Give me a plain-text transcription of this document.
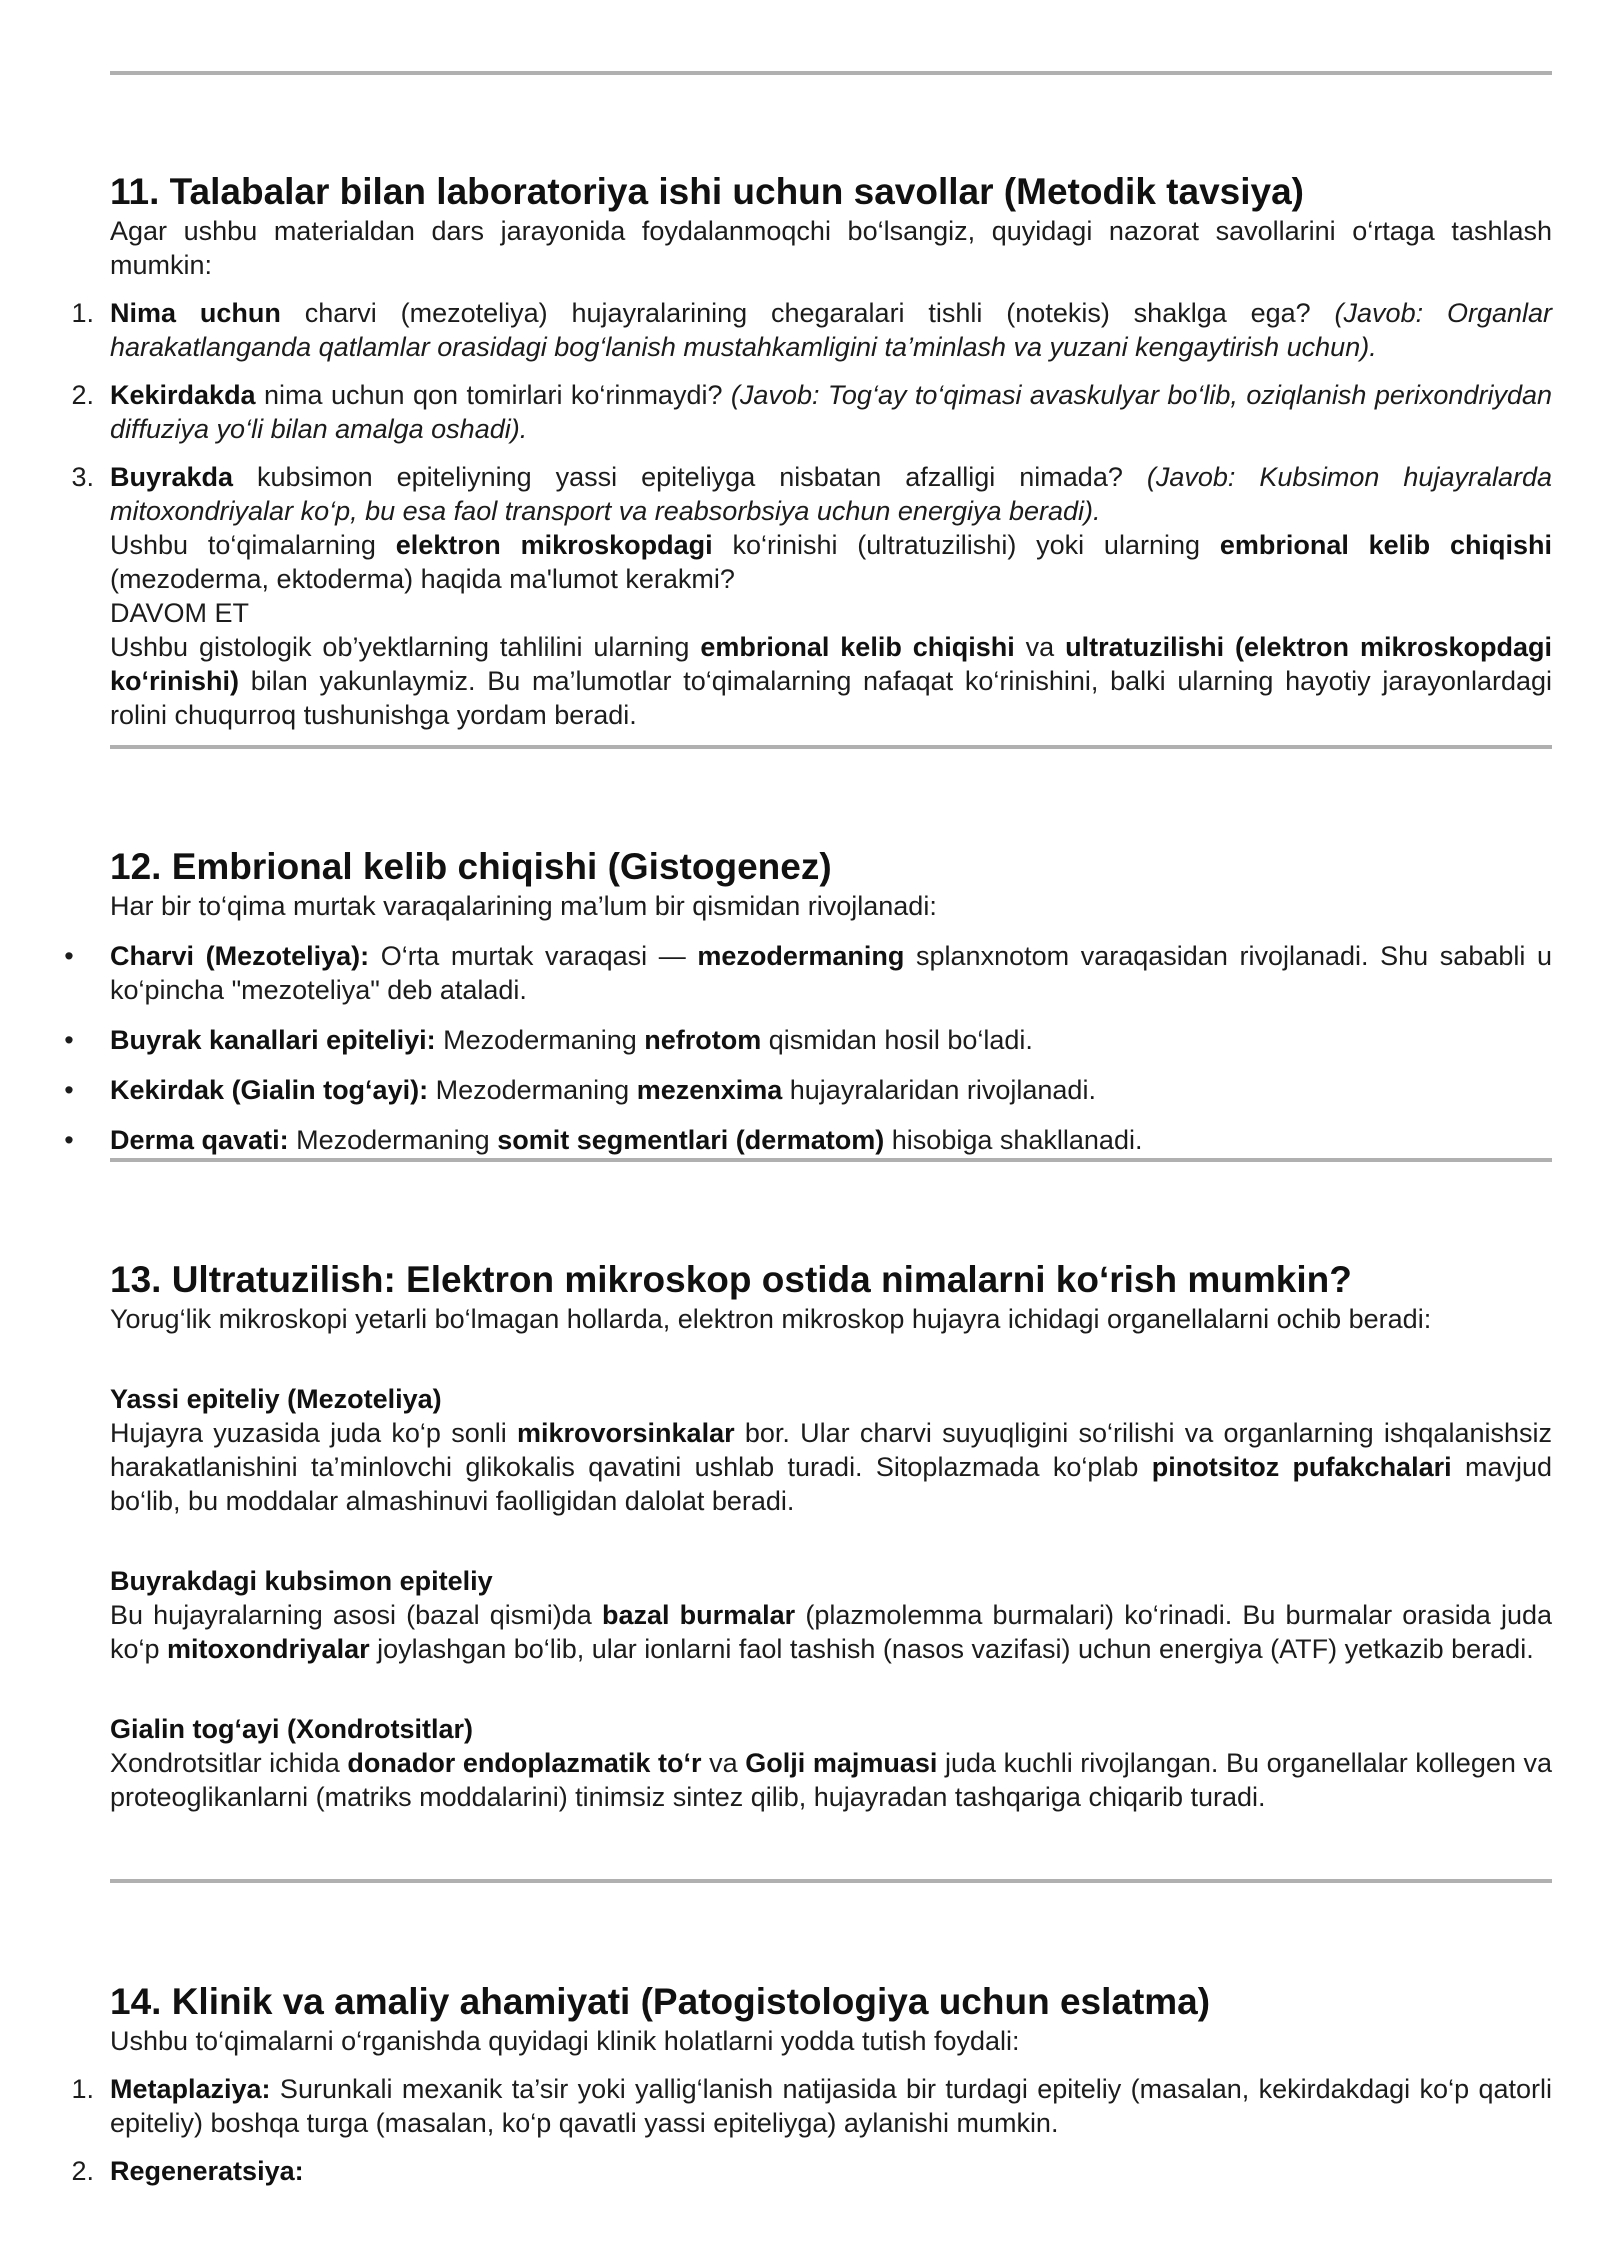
11. Talabalar bilan laboratoriya ishi uchun savollar (Metodik tavsiya)

Agar ushbu materialdan dars jarayonida foydalanmoqchi bo‘lsangiz, quyidagi nazorat savollarini o‘rtaga tashlash mumkin:

1. Nima uchun charvi (mezoteliya) hujayralarining chegaralari tishli (notekis) shaklga ega? (Javob: Organlar harakatlanganda qatlamlar orasidagi bog‘lanish mustahkamligini ta’minlash va yuzani kengaytirish uchun).
2. Kekirdakda nima uchun qon tomirlari ko‘rinmaydi? (Javob: Tog‘ay to‘qimasi avaskulyar bo‘lib, oziqlanish perixondriydan diffuziya yo‘li bilan amalga oshadi).
3. Buyrakda kubsimon epiteliyning yassi epiteliyga nisbatan afzalligi nimada? (Javob: Kubsimon hujayralarda mitoxondriyalar ko‘p, bu esa faol transport va reabsorbsiya uchun energiya beradi).

Ushbu to‘qimalarning elektron mikroskopdagi ko‘rinishi (ultratuzilishi) yoki ularning embrional kelib chiqishi (mezoderma, ektoderma) haqida ma'lumot kerakmi?

DAVOM ET

Ushbu gistologik ob’yektlarning tahlilini ularning embrional kelib chiqishi va ultratuzilishi (elektron mikroskopdagi ko‘rinishi) bilan yakunlaymiz. Bu ma’lumotlar to‘qimalarning nafaqat ko‘rinishini, balki ularning hayotiy jarayonlardagi rolini chuqurroq tushunishga yordam beradi.

12. Embrional kelib chiqishi (Gistogenez)

Har bir to‘qima murtak varaqalarining ma’lum bir qismidan rivojlanadi:

•	Charvi (Mezoteliya): O‘rta murtak varaqasi — mezodermaning splanxnotom varaqasidan rivojlanadi. Shu sababli u ko‘pincha "mezoteliya" deb ataladi.
•	Buyrak kanallari epiteliyi: Mezodermaning nefrotom qismidan hosil bo‘ladi.
•	Kekirdak (Gialin tog‘ayi): Mezodermaning mezenxima hujayralaridan rivojlanadi.
•	Derma qavati: Mezodermaning somit segmentlari (dermatom) hisobiga shakllanadi.
13. Ultratuzilish: Elektron mikroskop ostida nimalarni ko‘rish mumkin?

Yorug‘lik mikroskopi yetarli bo‘lmagan hollarda, elektron mikroskop hujayra ichidagi organellalarni ochib beradi:

Yassi epiteliy (Mezoteliya)

Hujayra yuzasida juda ko‘p sonli mikrovorsinkalar bor. Ular charvi suyuqligini so‘rilishi va organlarning ishqalanishsiz harakatlanishini ta’minlovchi glikokalis qavatini ushlab turadi. Sitoplazmada ko‘plab pinotsitoz pufakchalari mavjud bo‘lib, bu moddalar almashinuvi faolligidan dalolat beradi.

Buyrakdagi kubsimon epiteliy

Bu hujayralarning asosi (bazal qismi)da bazal burmalar (plazmolemma burmalari) ko‘rinadi. Bu burmalar orasida juda ko‘p mitoxondriyalar joylashgan bo‘lib, ular ionlarni faol tashish (nasos vazifasi) uchun energiya (ATF) yetkazib beradi.

Gialin tog‘ayi (Xondrotsitlar)

Xondrotsitlar ichida donador endoplazmatik to‘r va Golji majmuasi juda kuchli rivojlangan. Bu organellalar kollegen va proteoglikanlarni (matriks moddalarini) tinimsiz sintez qilib, hujayradan tashqariga chiqarib turadi.

14. Klinik va amaliy ahamiyati (Patogistologiya uchun eslatma)

Ushbu to‘qimalarni o‘rganishda quyidagi klinik holatlarni yodda tutish foydali:

1. Metaplaziya: Surunkali mexanik ta’sir yoki yallig‘lanish natijasida bir turdagi epiteliy (masalan, kekirdakdagi ko‘p qatorli epiteliy) boshqa turga (masalan, ko‘p qavatli yassi epiteliyga) aylanishi mumkin.
2. Regeneratsiya:
